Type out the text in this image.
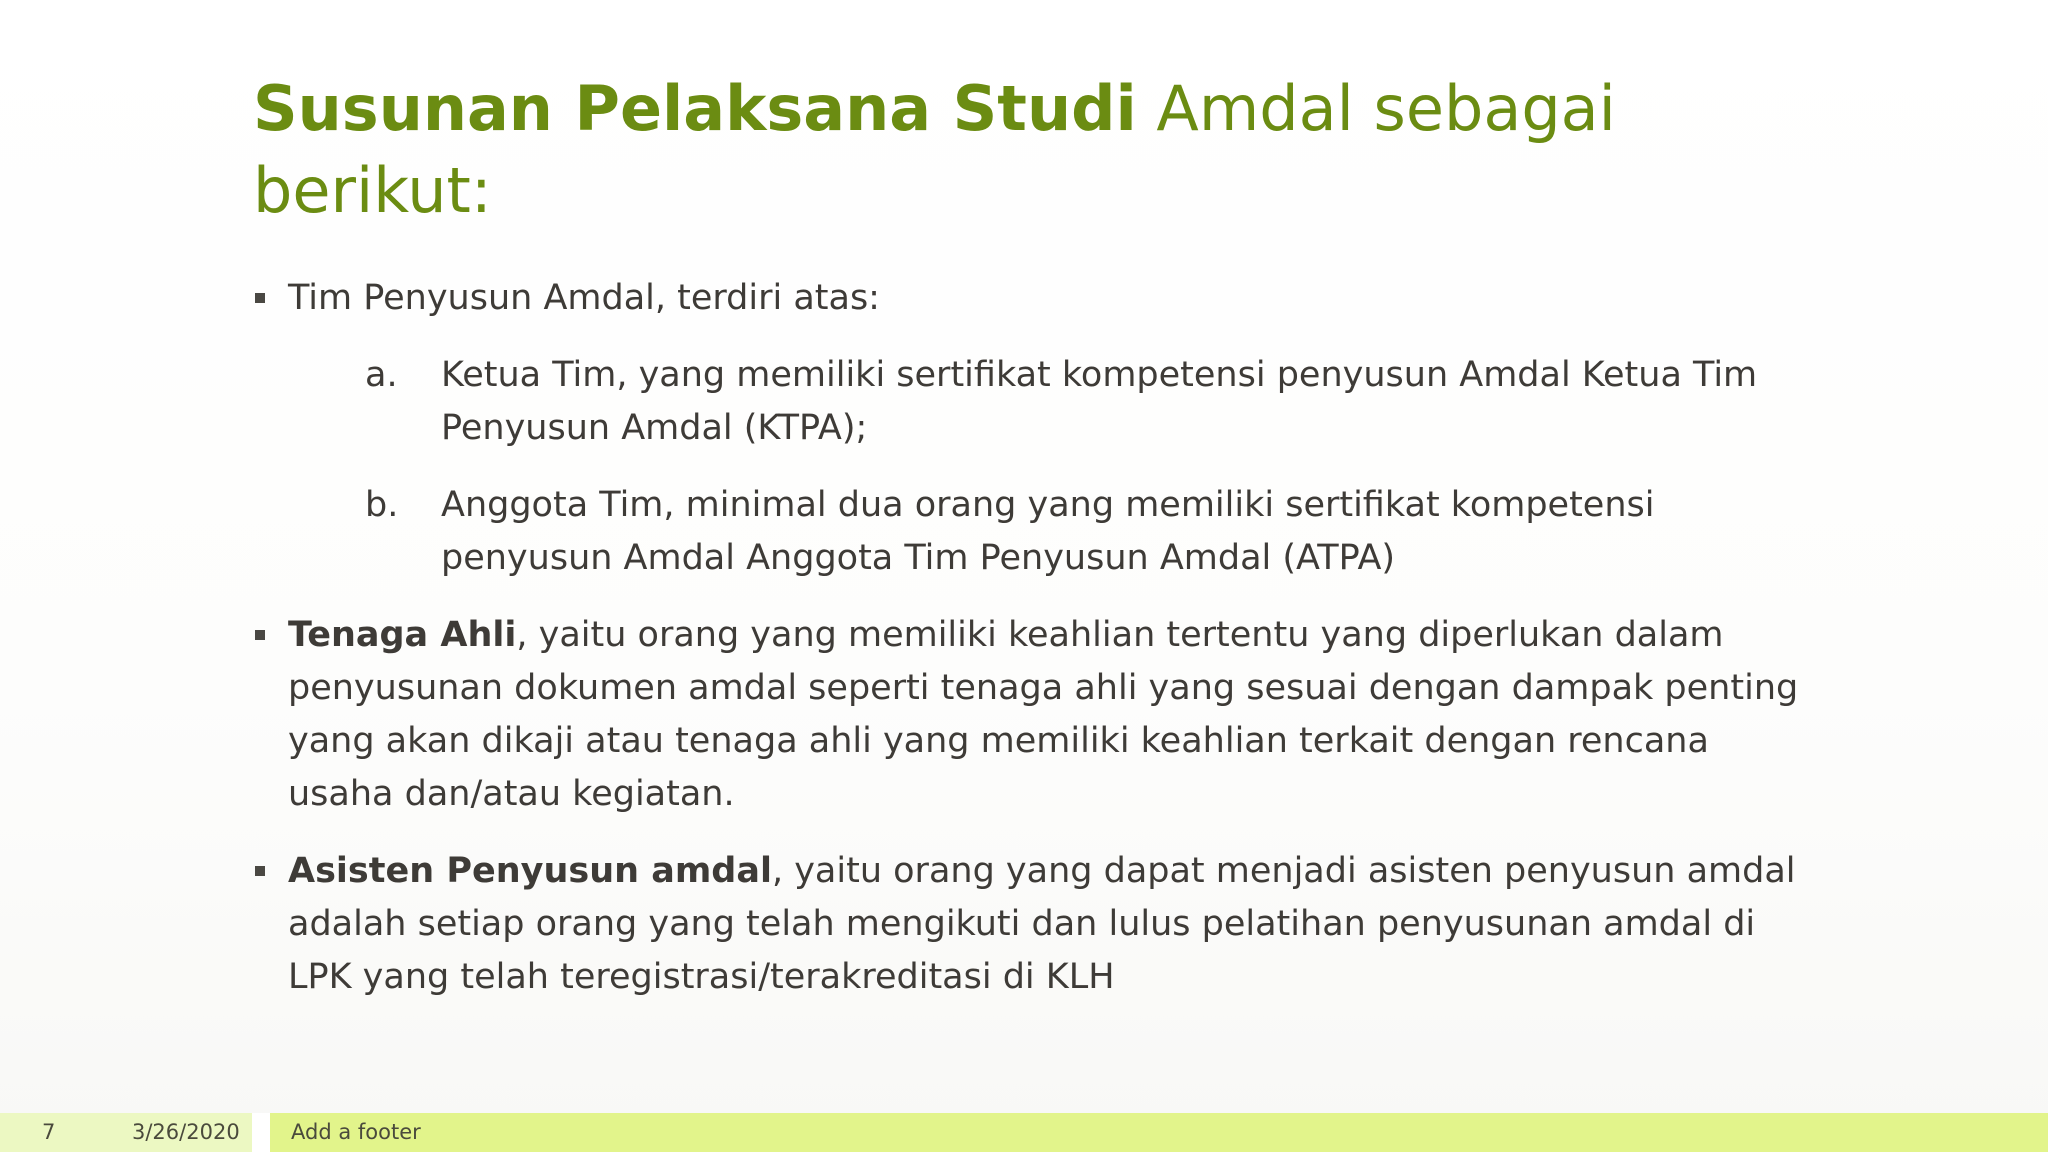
Susunan Pelaksana Studi Amdal sebagai berikut:
Tim Penyusun Amdal, terdiri atas:
a. Ketua Tim, yang memiliki sertifikat kompetensi penyusun Amdal Ketua Tim Penyusun Amdal (KTPA);
b. Anggota Tim, minimal dua orang yang memiliki sertifikat kompetensi penyusun Amdal Anggota Tim Penyusun Amdal (ATPA)
Tenaga Ahli, yaitu orang yang memiliki keahlian tertentu yang diperlukan dalam penyusunan dokumen amdal seperti tenaga ahli yang sesuai dengan dampak penting yang akan dikaji atau tenaga ahli yang memiliki keahlian terkait dengan rencana usaha dan/atau kegiatan.
Asisten Penyusun amdal, yaitu orang yang dapat menjadi asisten penyusun amdal adalah setiap orang yang telah mengikuti dan lulus pelatihan penyusunan amdal di LPK yang telah teregistrasi/terakreditasi di KLH
7	3/26/2020 Add a footer
